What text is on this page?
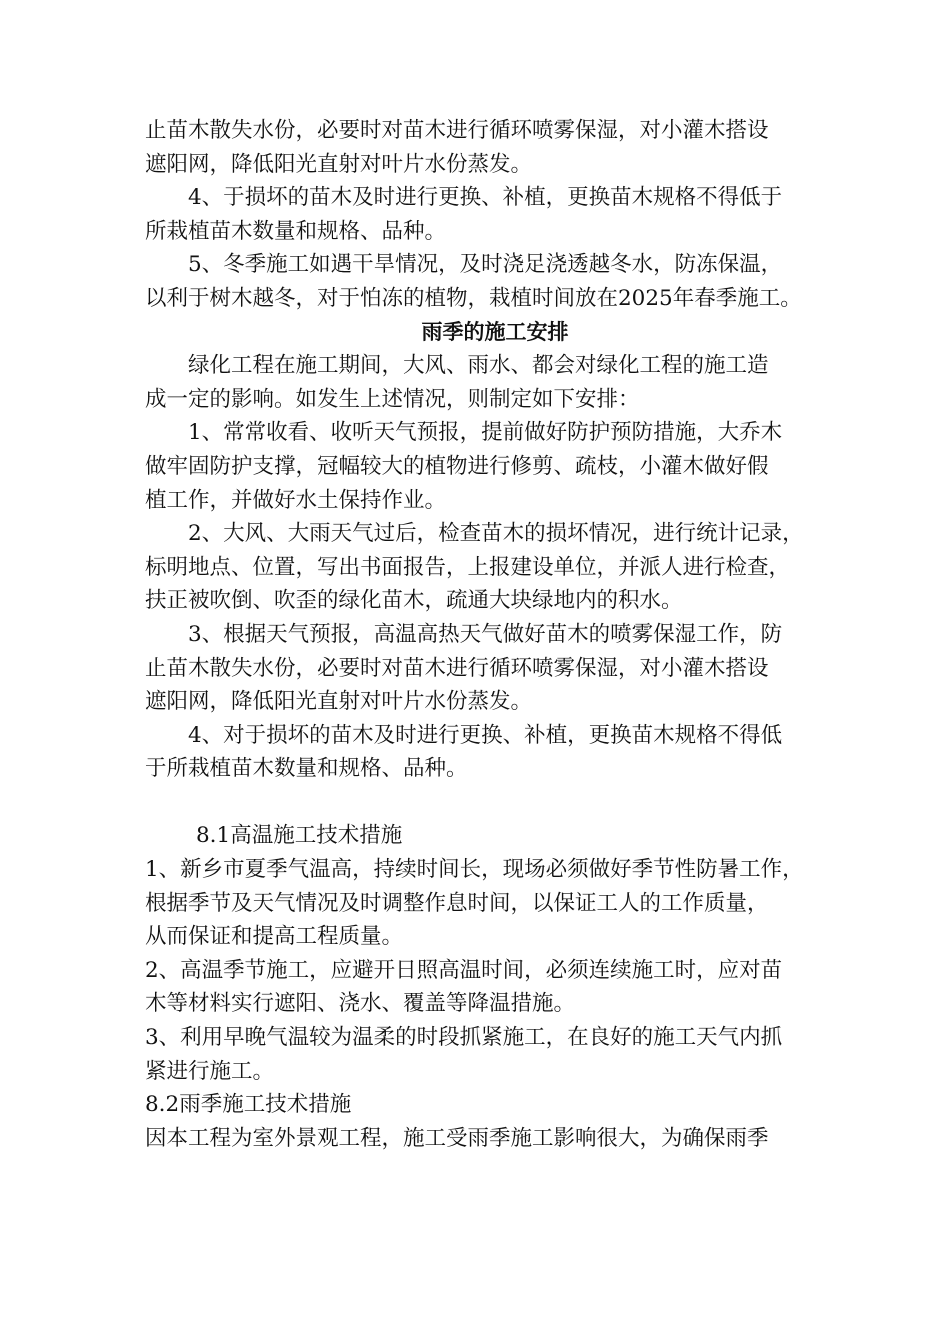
止苗木散失水份，必要时对苗木进行循环喷雾保湿，对小灌木搭设
遮阳网，降低阳光直射对叶片水份蒸发。
4、于损坏的苗木及时进行更换、补植，更换苗木规格不得低于
所栽植苗木数量和规格、品种。
5、冬季施工如遇干旱情况，及时浇足浇透越冬水，防冻保温，
以利于树木越冬，对于怕冻的植物，栽植时间放在2025年春季施工。
雨季的施工安排
绿化工程在施工期间，大风、雨水、都会对绿化工程的施工造
成一定的影响。如发生上述情况，则制定如下安排：
1、常常收看、收听天气预报，提前做好防护预防措施，大乔木
做牢固防护支撑，冠幅较大的植物进行修剪、疏枝，小灌木做好假
植工作，并做好水土保持作业。
2、大风、大雨天气过后，检查苗木的损坏情况，进行统计记录，
标明地点、位置，写出书面报告，上报建设单位，并派人进行检查，
扶正被吹倒、吹歪的绿化苗木，疏通大块绿地内的积水。
3、根据天气预报，高温高热天气做好苗木的喷雾保湿工作，防
止苗木散失水份，必要时对苗木进行循环喷雾保湿，对小灌木搭设
遮阳网，降低阳光直射对叶片水份蒸发。
4、对于损坏的苗木及时进行更换、补植，更换苗木规格不得低
于所栽植苗木数量和规格、品种。
8.1高温施工技术措施
1、新乡市夏季气温高，持续时间长，现场必须做好季节性防暑工作，
根据季节及天气情况及时调整作息时间，以保证工人的工作质量，
从而保证和提高工程质量。
2、高温季节施工，应避开日照高温时间，必须连续施工时，应对苗
木等材料实行遮阳、浇水、覆盖等降温措施。
3、利用早晚气温较为温柔的时段抓紧施工，在良好的施工天气内抓
紧进行施工。
8.2雨季施工技术措施
因本工程为室外景观工程，施工受雨季施工影响很大，为确保雨季
